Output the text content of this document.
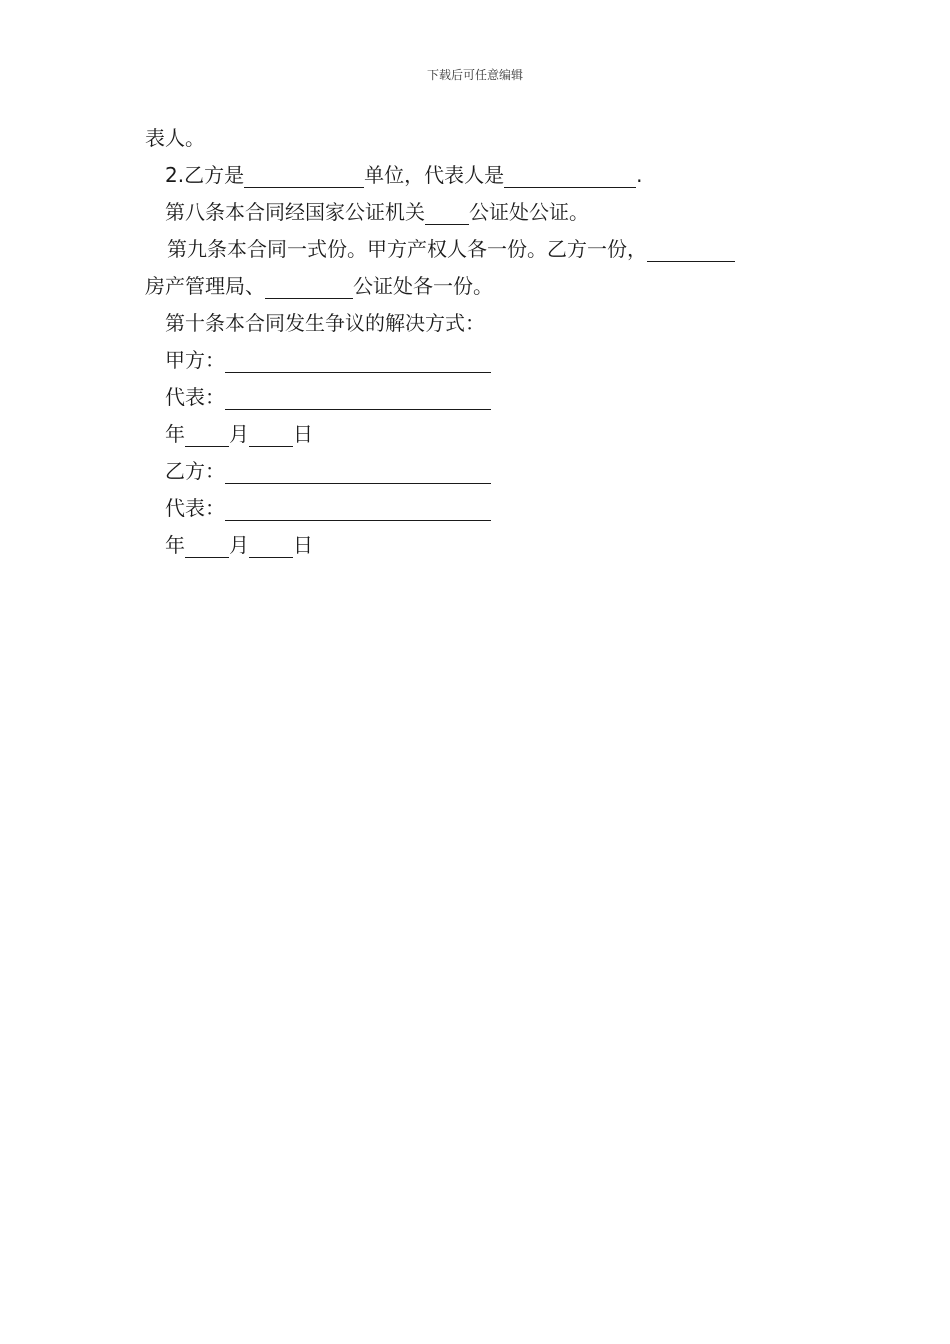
下载后可任意编辑
表人。
2.乙方是	单位，代表人是	.
第八条本合同经国家公证机关 公证处公证。
第九条本合同一式份。甲方产权人各一份。乙方一份，
房产管理局、	公证处各一份。
第十条本合同发生争议的解决方式：
甲方：
代表：
年 月 日
乙方：
代表：
年 月 日
